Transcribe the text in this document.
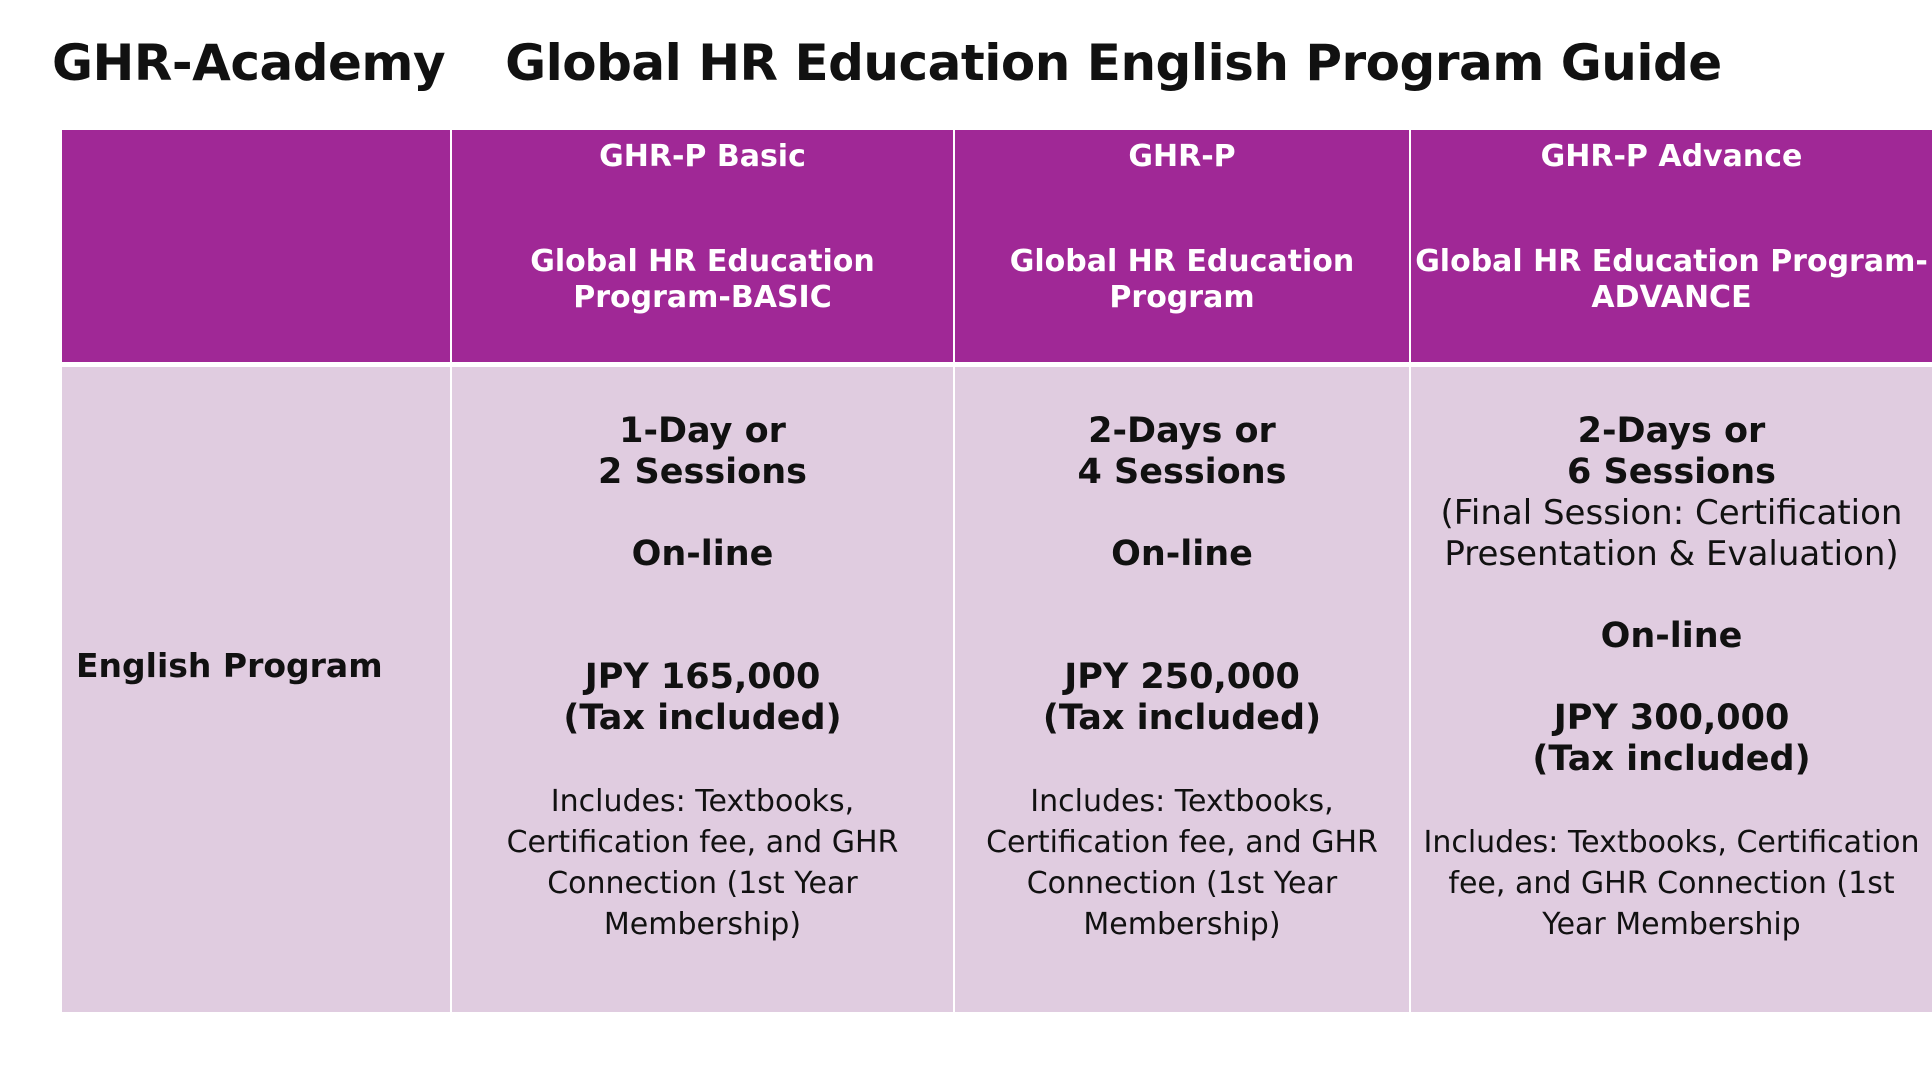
GHR-Academy Global HR Education English Program Guide
GHR-P Basic
Global HR Education
Program-BASIC
GHR-P
Global HR Education
Program
GHR-P Advance
Global HR Education Program-
ADVANCE
English Program
1-Day or
2 Sessions
On-line
JPY 165,000
(Tax included)
Includes: Textbooks,
Certification fee, and GHR
Connection (1st Year
Membership)
2-Days or
4 Sessions
On-line
JPY 250,000
(Tax included)
Includes: Textbooks,
Certification fee, and GHR
Connection (1st Year
Membership)
2-Days or
6 Sessions
(Final Session: Certification
Presentation & Evaluation)
On-line
JPY 300,000
(Tax included)
Includes: Textbooks, Certification
fee, and GHR Connection (1st
Year Membership
